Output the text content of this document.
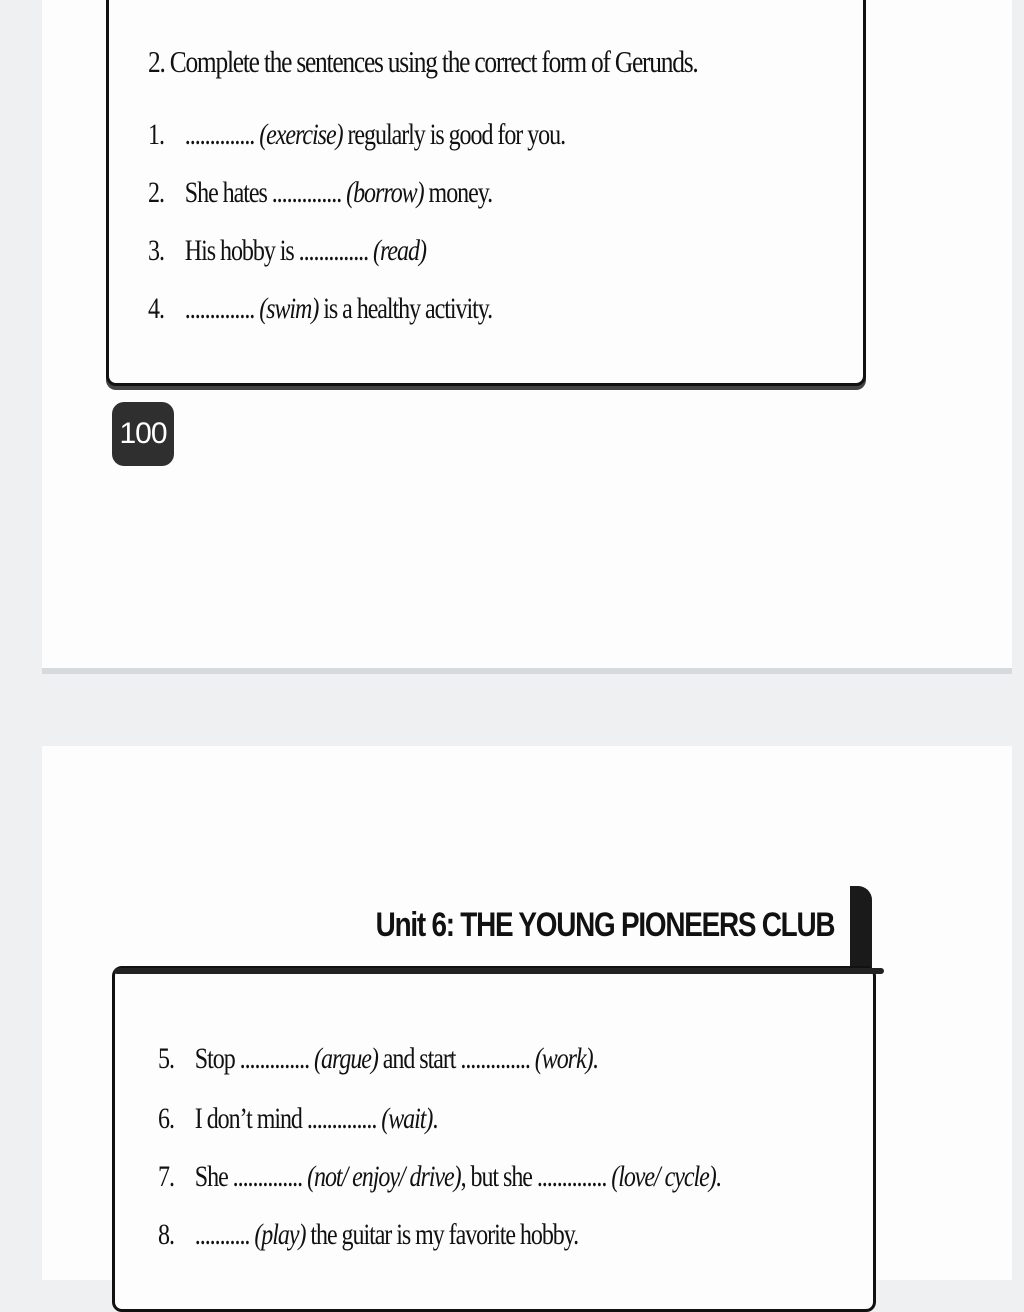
2. Complete the sentences using the correct form of Gerunds.
1. .............. (exercise) regularly is good for you.
2. She hates .............. (borrow) money.
3. His hobby is .............. (read)
4. .............. (swim) is a healthy activity.
100
Unit 6: THE YOUNG PIONEERS CLUB
5. Stop .............. (argue) and start .............. (work).
6. I don’t mind .............. (wait).
7. She .............. (not/ enjoy/ drive), but she .............. (love/ cycle).
8. ........... (play) the guitar is my favorite hobby.
